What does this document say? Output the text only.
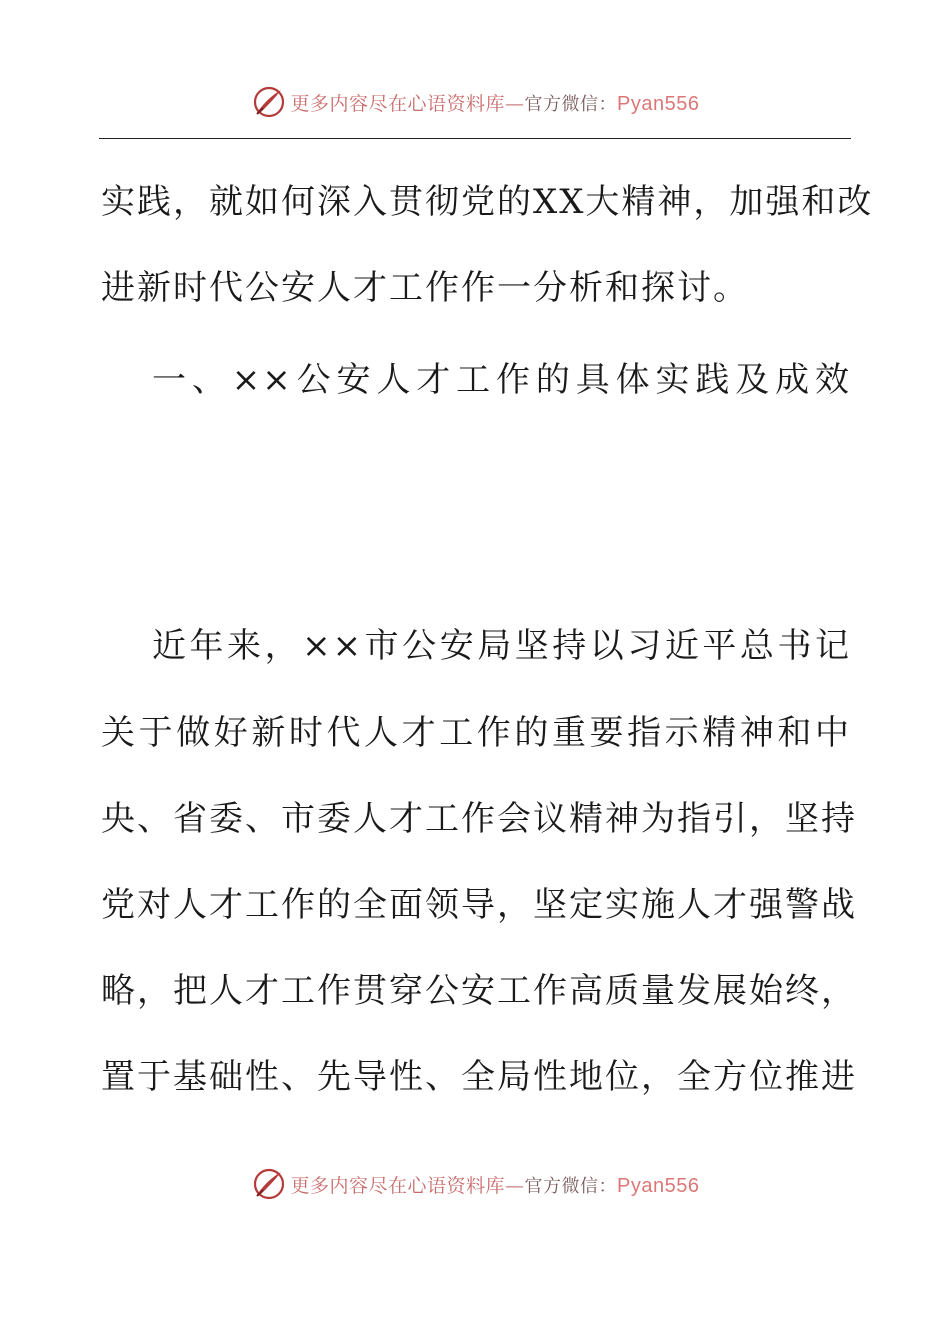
更多内容尽在心语资料库—官方微信：Pyan556
实践，就如何深入贯彻党的XX大精神，加强和改
进新时代公安人才工作作一分析和探讨。
一、××公安人才工作的具体实践及成效
近年来，××市公安局坚持以习近平总书记
关于做好新时代人才工作的重要指示精神和中
央、省委、市委人才工作会议精神为指引，坚持
党对人才工作的全面领导，坚定实施人才强警战
略，把人才工作贯穿公安工作高质量发展始终，
置于基础性、先导性、全局性地位，全方位推进
更多内容尽在心语资料库—官方微信：Pyan556
